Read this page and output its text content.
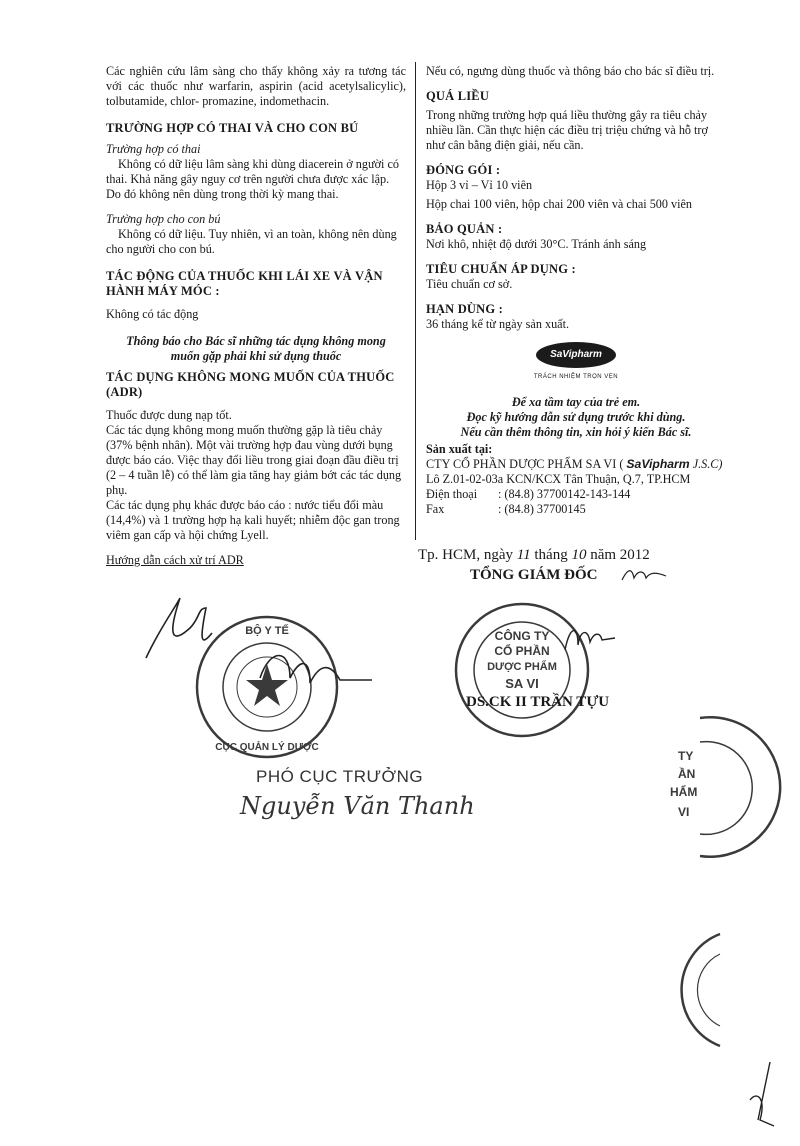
Các nghiên cứu lâm sàng cho thấy không xảy ra tương tác với các thuốc như warfarin, aspirin (acid acetylsalicylic), tolbutamide, chlor- promazine, indomethacin.

TRƯỜNG HỢP CÓ THAI VÀ CHO CON BÚ

Trường hợp có thai

Không có dữ liệu lâm sàng khi dùng diacerein ở người có thai. Khả năng gây nguy cơ trên người chưa được xác lập. Do đó không nên dùng trong thời kỳ mang thai.

Trường hợp cho con bú

Không có dữ liệu. Tuy nhiên, vì an toàn, không nên dùng cho người cho con bú.

TÁC ĐỘNG CỦA THUỐC KHI LÁI XE VÀ VẬN HÀNH MÁY MÓC :

Không có tác động

Thông báo cho Bác sĩ những tác dụng không mong muốn gặp phải khi sử dụng thuốc

TÁC DỤNG KHÔNG MONG MUỐN CỦA THUỐC (ADR)

Thuốc được dung nạp tốt.

Các tác dụng không mong muốn thường gặp là tiêu chảy (37% bệnh nhân). Một vài trường hợp đau vùng dưới bụng được báo cáo. Việc thay đổi liều trong giai đoạn đầu điều trị (2 – 4 tuần lễ) có thể làm gia tăng hay giảm bớt các tác dụng phụ.

Các tác dụng phụ khác được báo cáo : nước tiểu đổi màu (14,4%) và 1 trường hợp hạ kali huyết; nhiễm độc gan trong viêm gan cấp và hội chứng Lyell.

Hướng dẫn cách xử trí ADR

Nếu có, ngưng dùng thuốc và thông báo cho bác sĩ điều trị.

QUÁ LIỀU

Trong những trường hợp quá liều thường gây ra tiêu chảy nhiều lần. Cần thực hiện các điều trị triệu chứng và hỗ trợ như cân bằng điện giải, nếu cần.

ĐÓNG GÓI :

Hộp 3 vỉ – Vỉ 10 viên

Hộp chai 100 viên, hộp chai 200 viên và chai 500 viên

BẢO QUẢN :

Nơi khô, nhiệt độ dưới 30°C. Tránh ánh sáng

TIÊU CHUẨN ÁP DỤNG :

Tiêu chuẩn cơ sở.

HẠN DÙNG :

36 tháng kể từ ngày sản xuất.

SaVipharm
TRÁCH NHIỆM TRỌN VẸN

Để xa tầm tay của trẻ em.

Đọc kỹ hướng dẫn sử dụng trước khi dùng.

Nếu cần thêm thông tin, xin hỏi ý kiến Bác sĩ.

Sản xuất tại:

CTY CỔ PHẦN DƯỢC PHẨM SA VI ( SaVipharm J.S.C)

Lô Z.01-02-03a KCN/KCX Tân Thuận, Q.7, TP.HCM

Điện thoại	: (84.8) 37700142-143-144
Fax	: (84.8) 37700145
Tp. HCM, ngày 11 tháng 10 năm 2012
TỔNG GIÁM ĐỐC
CÔNG TY
CỔ PHẦN
DƯỢC PHẨM
SA VI
DS.CK II TRẦN TỰU
BỘ Y TẾ
CỤC QUẢN LÝ DƯỢC
PHÓ CỤC TRƯỞNG
Nguyễn Văn Thanh
TY
ẦN
HẨM
VI
